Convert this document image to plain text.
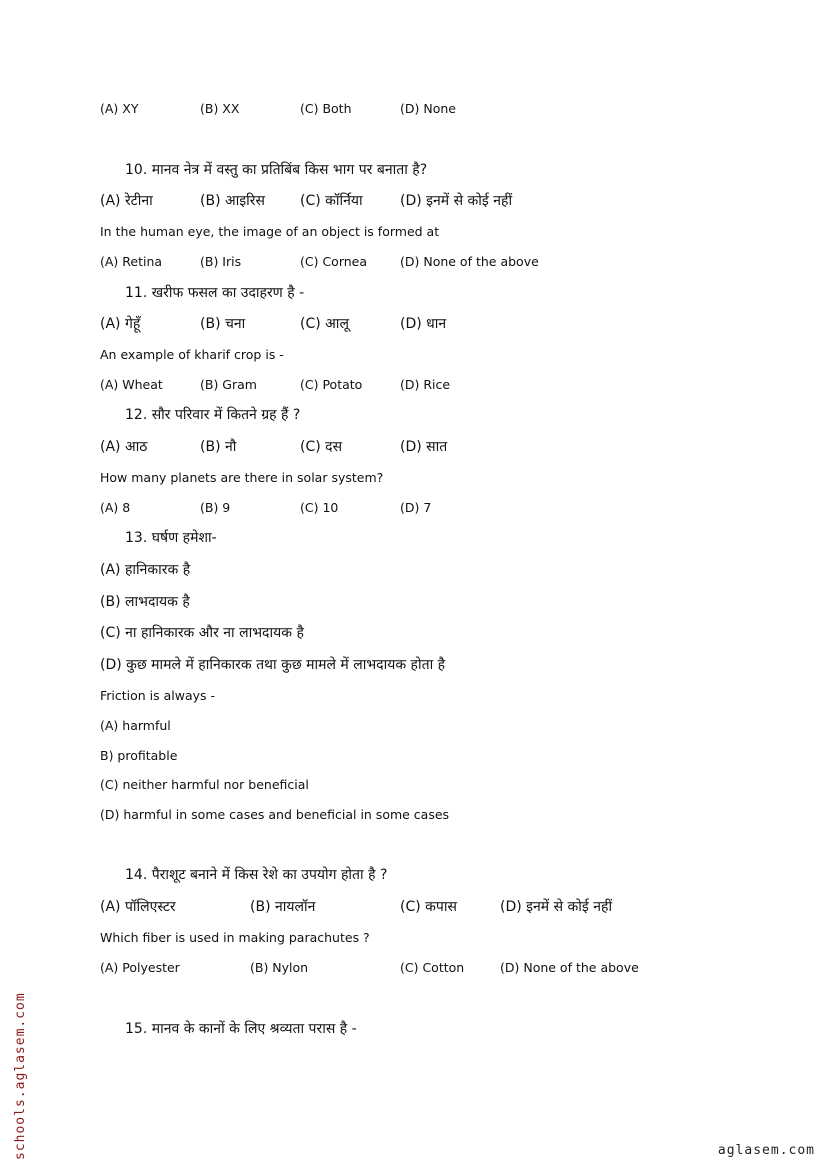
(A) XY	(B) XX	(C) Both	(D) None
10. मानव नेत्र में वस्तु का प्रतिबिंब किस भाग पर बनाता है?
(A) रेटीना	(B) आइरिस	(C) कॉर्निया	(D) इनमें से कोई नहीं
In the human eye, the image of an object is formed at
(A) Retina	(B) Iris	(C) Cornea	(D) None of the above
11. खरीफ फसल का उदाहरण है -
(A) गेहूँ	(B) चना	(C) आलू	(D) धान
An example of kharif crop is -
(A) Wheat	(B) Gram	(C) Potato	(D) Rice
12. सौर परिवार में कितने ग्रह हैं ?
(A) आठ	(B) नौ	(C) दस	(D) सात
How many planets are there in solar system?
(A) 8	(B) 9	(C) 10	(D) 7
13. घर्षण हमेशा-
(A) हानिकारक है
(B) लाभदायक है
(C) ना हानिकारक और ना लाभदायक है
(D) कुछ मामले में हानिकारक तथा कुछ मामले में लाभदायक होता है
Friction is always -
(A) harmful
B) profitable
(C) neither harmful nor beneficial
(D) harmful in some cases and beneficial in some cases
14. पैराशूट बनाने में किस रेशे का उपयोग होता है ?
(A) पॉलिएस्टर	(B) नायलॉन	(C) कपास	(D) इनमें से कोई नहीं
Which fiber is used in making parachutes ?
(A) Polyester	(B) Nylon	(C) Cotton	(D) None of the above
15. मानव के कानों के लिए श्रव्यता परास है -
schools.aglasem.com	aglasem.com
